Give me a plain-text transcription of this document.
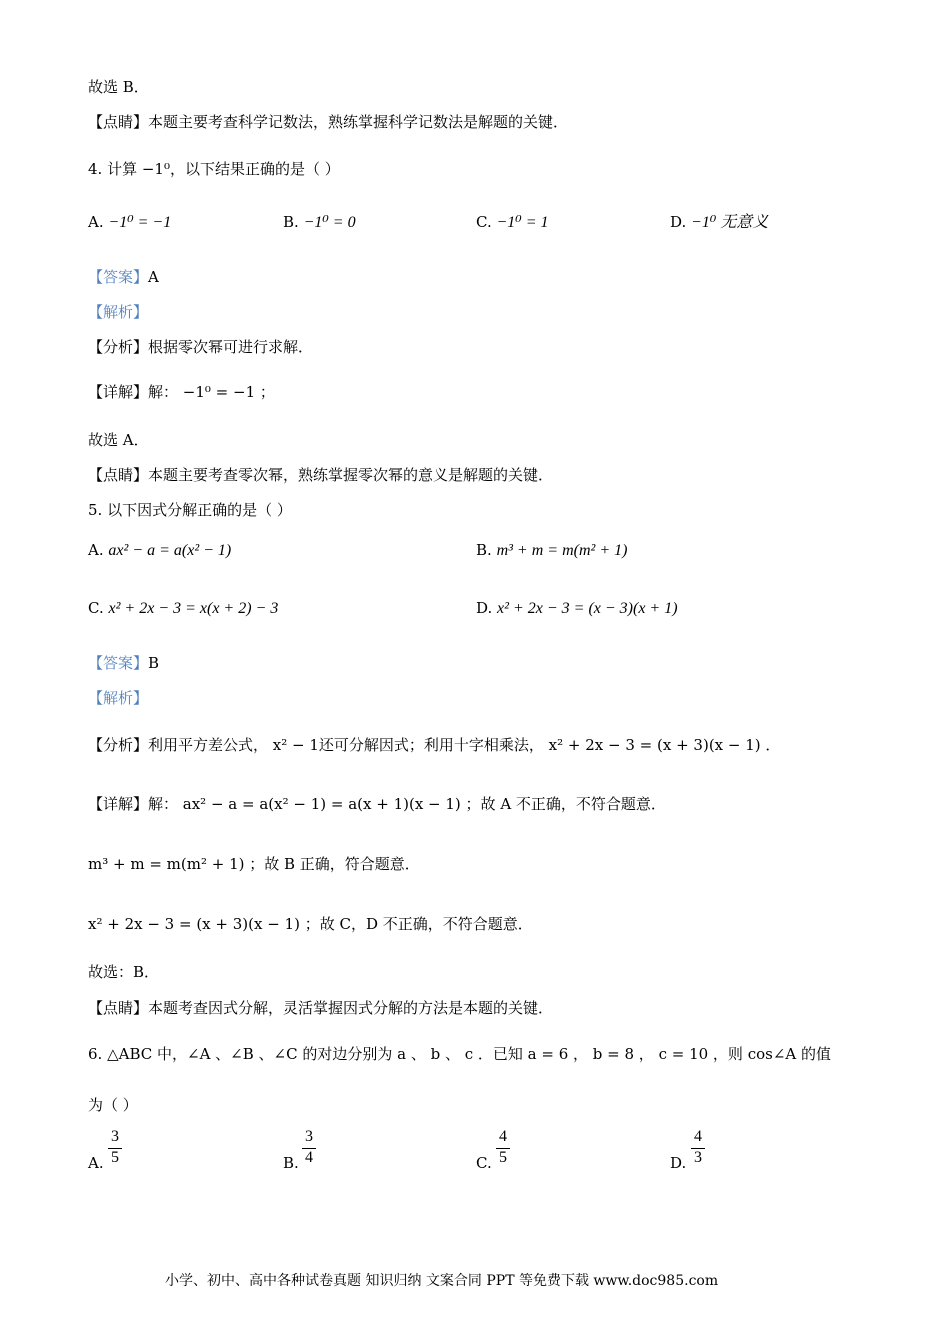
故选 B．
【点睛】本题主要考查科学记数法，熟练掌握科学记数法是解题的关键．
4. 计算 −1⁰，以下结果正确的是（ ）
A. −1⁰ = −1	B. −1⁰ = 0	C. −1⁰ = 1	D. −1⁰ 无意义
【答案】A
【解析】
【分析】根据零次幂可进行求解．
【详解】解： −1⁰ = −1 ；
故选 A．
【点睛】本题主要考查零次幂，熟练掌握零次幂的意义是解题的关键．
5. 以下因式分解正确的是（ ）
A. ax² − a = a(x² − 1)	B. m³ + m = m(m² + 1)
C. x² + 2x − 3 = x(x + 2) − 3	D. x² + 2x − 3 = (x − 3)(x + 1)
【答案】B
【解析】
【分析】利用平方差公式， x² − 1还可分解因式；利用十字相乘法， x² + 2x − 3 = (x + 3)(x − 1) ．
【详解】解： ax² − a = a(x² − 1) = a(x + 1)(x − 1) ；故 A 不正确，不符合题意．
m³ + m = m(m² + 1) ；故 B 正确，符合题意．
x² + 2x − 3 = (x + 3)(x − 1) ；故 C，D 不正确，不符合题意．
故选：B．
【点睛】本题考查因式分解，灵活掌握因式分解的方法是本题的关键．
6. △ABC 中，∠A 、∠B 、∠C 的对边分别为 a 、 b 、 c ．已知 a = 6 ， b = 8 ， c = 10 ，则 cos∠A 的值
为（ ）
A.
3
5	B.
3
4	C.
4
5	D.
4
3
小学、初中、高中各种试卷真题 知识归纳 文案合同 PPT 等免费下载 www.doc985.com
